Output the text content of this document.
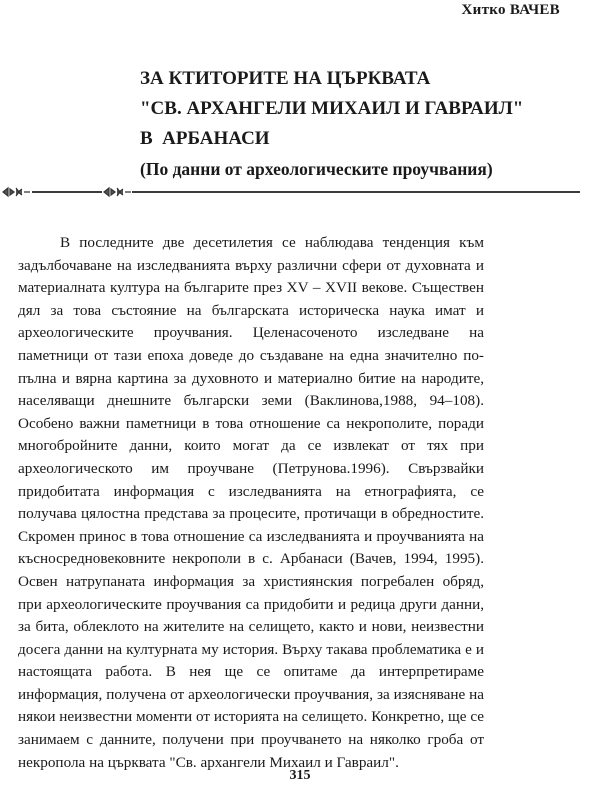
Хитко ВАЧЕВ
ЗА КТИТОРИТЕ НА ЦЪРКВАТА
"СВ. АРХАНГЕЛИ МИХАИЛ И ГАВРАИЛ"
В  АРБАНАСИ
(По данни от археологическите проучвания)

В последните две десетилетия се наблюдава тенденция към задълбочаване на изследванията върху различни сфери от духовната и материалната култура на българите през XV – XVII векове. Съществен дял за това състояние на българската историческа наука имат и археологическите проучвания. Целенасоченото изследване на паметници от тази епоха доведе до създаване на една значително по-пълна и вярна картина за духовното и материално битие на народите, населяващи днешните български земи (Ваклинова,1988, 94–108). Особено важни паметници в това отношение са некрополите, поради многобройните данни, които могат да се извлекат от тях при археологическото им проучване (Петрунова.1996). Свързвайки придобитата информация с изследванията на етнографията, се получава цялостна представа за процесите, протичащи в обредностите. Скромен принос в това отношение са изследванията и проучванията на късносредновековните некрополи в с. Арбанаси (Вачев, 1994, 1995). Освен натрупаната информация за християнския погребален обряд, при археологическите проучвания са придобити и редица други данни, за бита, облеклото на жителите на селището, както и нови, неизвестни досега данни на културната му история. Върху такава проблематика е и настоящата работа. В нея ще се опитаме да интерпретираме информация, получена от археологически проучвания, за изясняване на някои неизвестни моменти от историята на селището. Конкретно, ще се занимаем с данните, получени при проучването на няколко гроба от некропола на църквата "Св. архангели Михаил и Гавраил".

315
